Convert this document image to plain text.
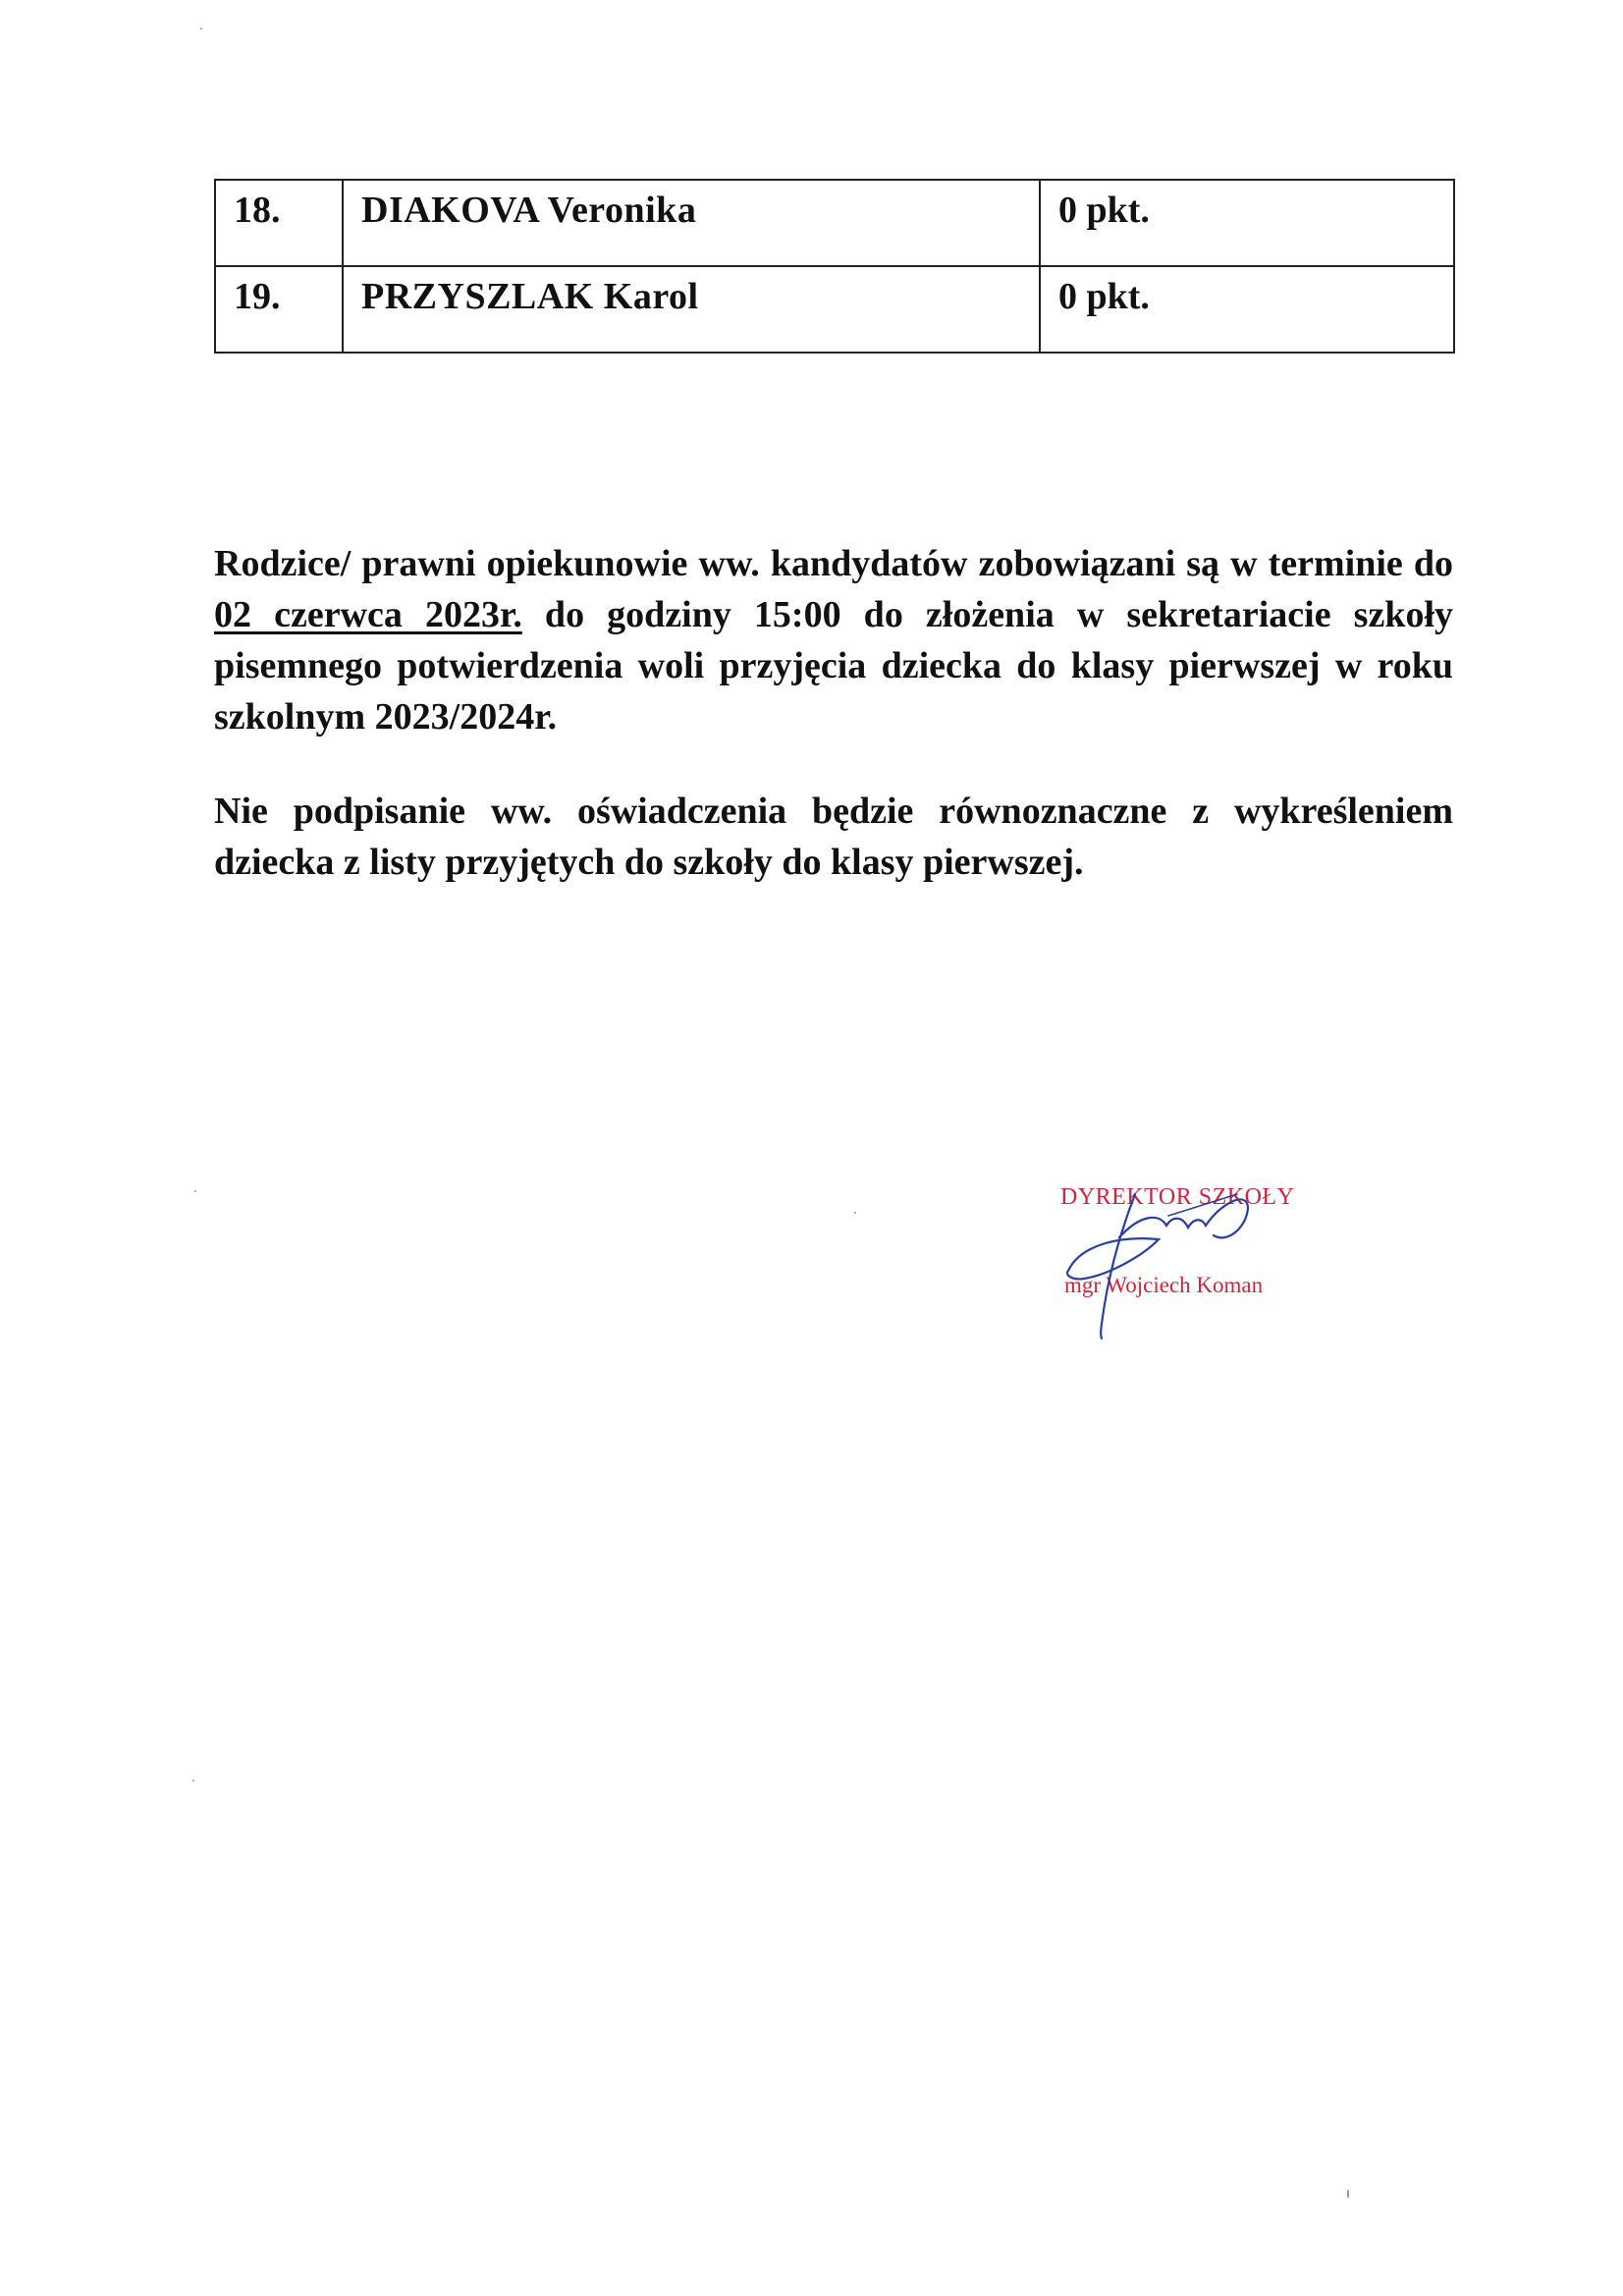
18.	DIAKOVA Veronika	0 pkt.
19.	PRZYSZLAK Karol	0 pkt.

Rodzice/ prawni opiekunowie ww. kandydatów zobowiązani są w terminie do 02 czerwca 2023r. do godziny 15:00 do złożenia w sekretariacie szkoły pisemnego potwierdzenia woli przyjęcia dziecka do klasy pierwszej w roku szkolnym 2023/2024r.

Nie podpisanie ww. oświadczenia będzie równoznaczne z wykreśleniem dziecka z listy przyjętych do szkoły do klasy pierwszej.

DYREKTOR SZKOŁY
mgr Wojciech Koman
